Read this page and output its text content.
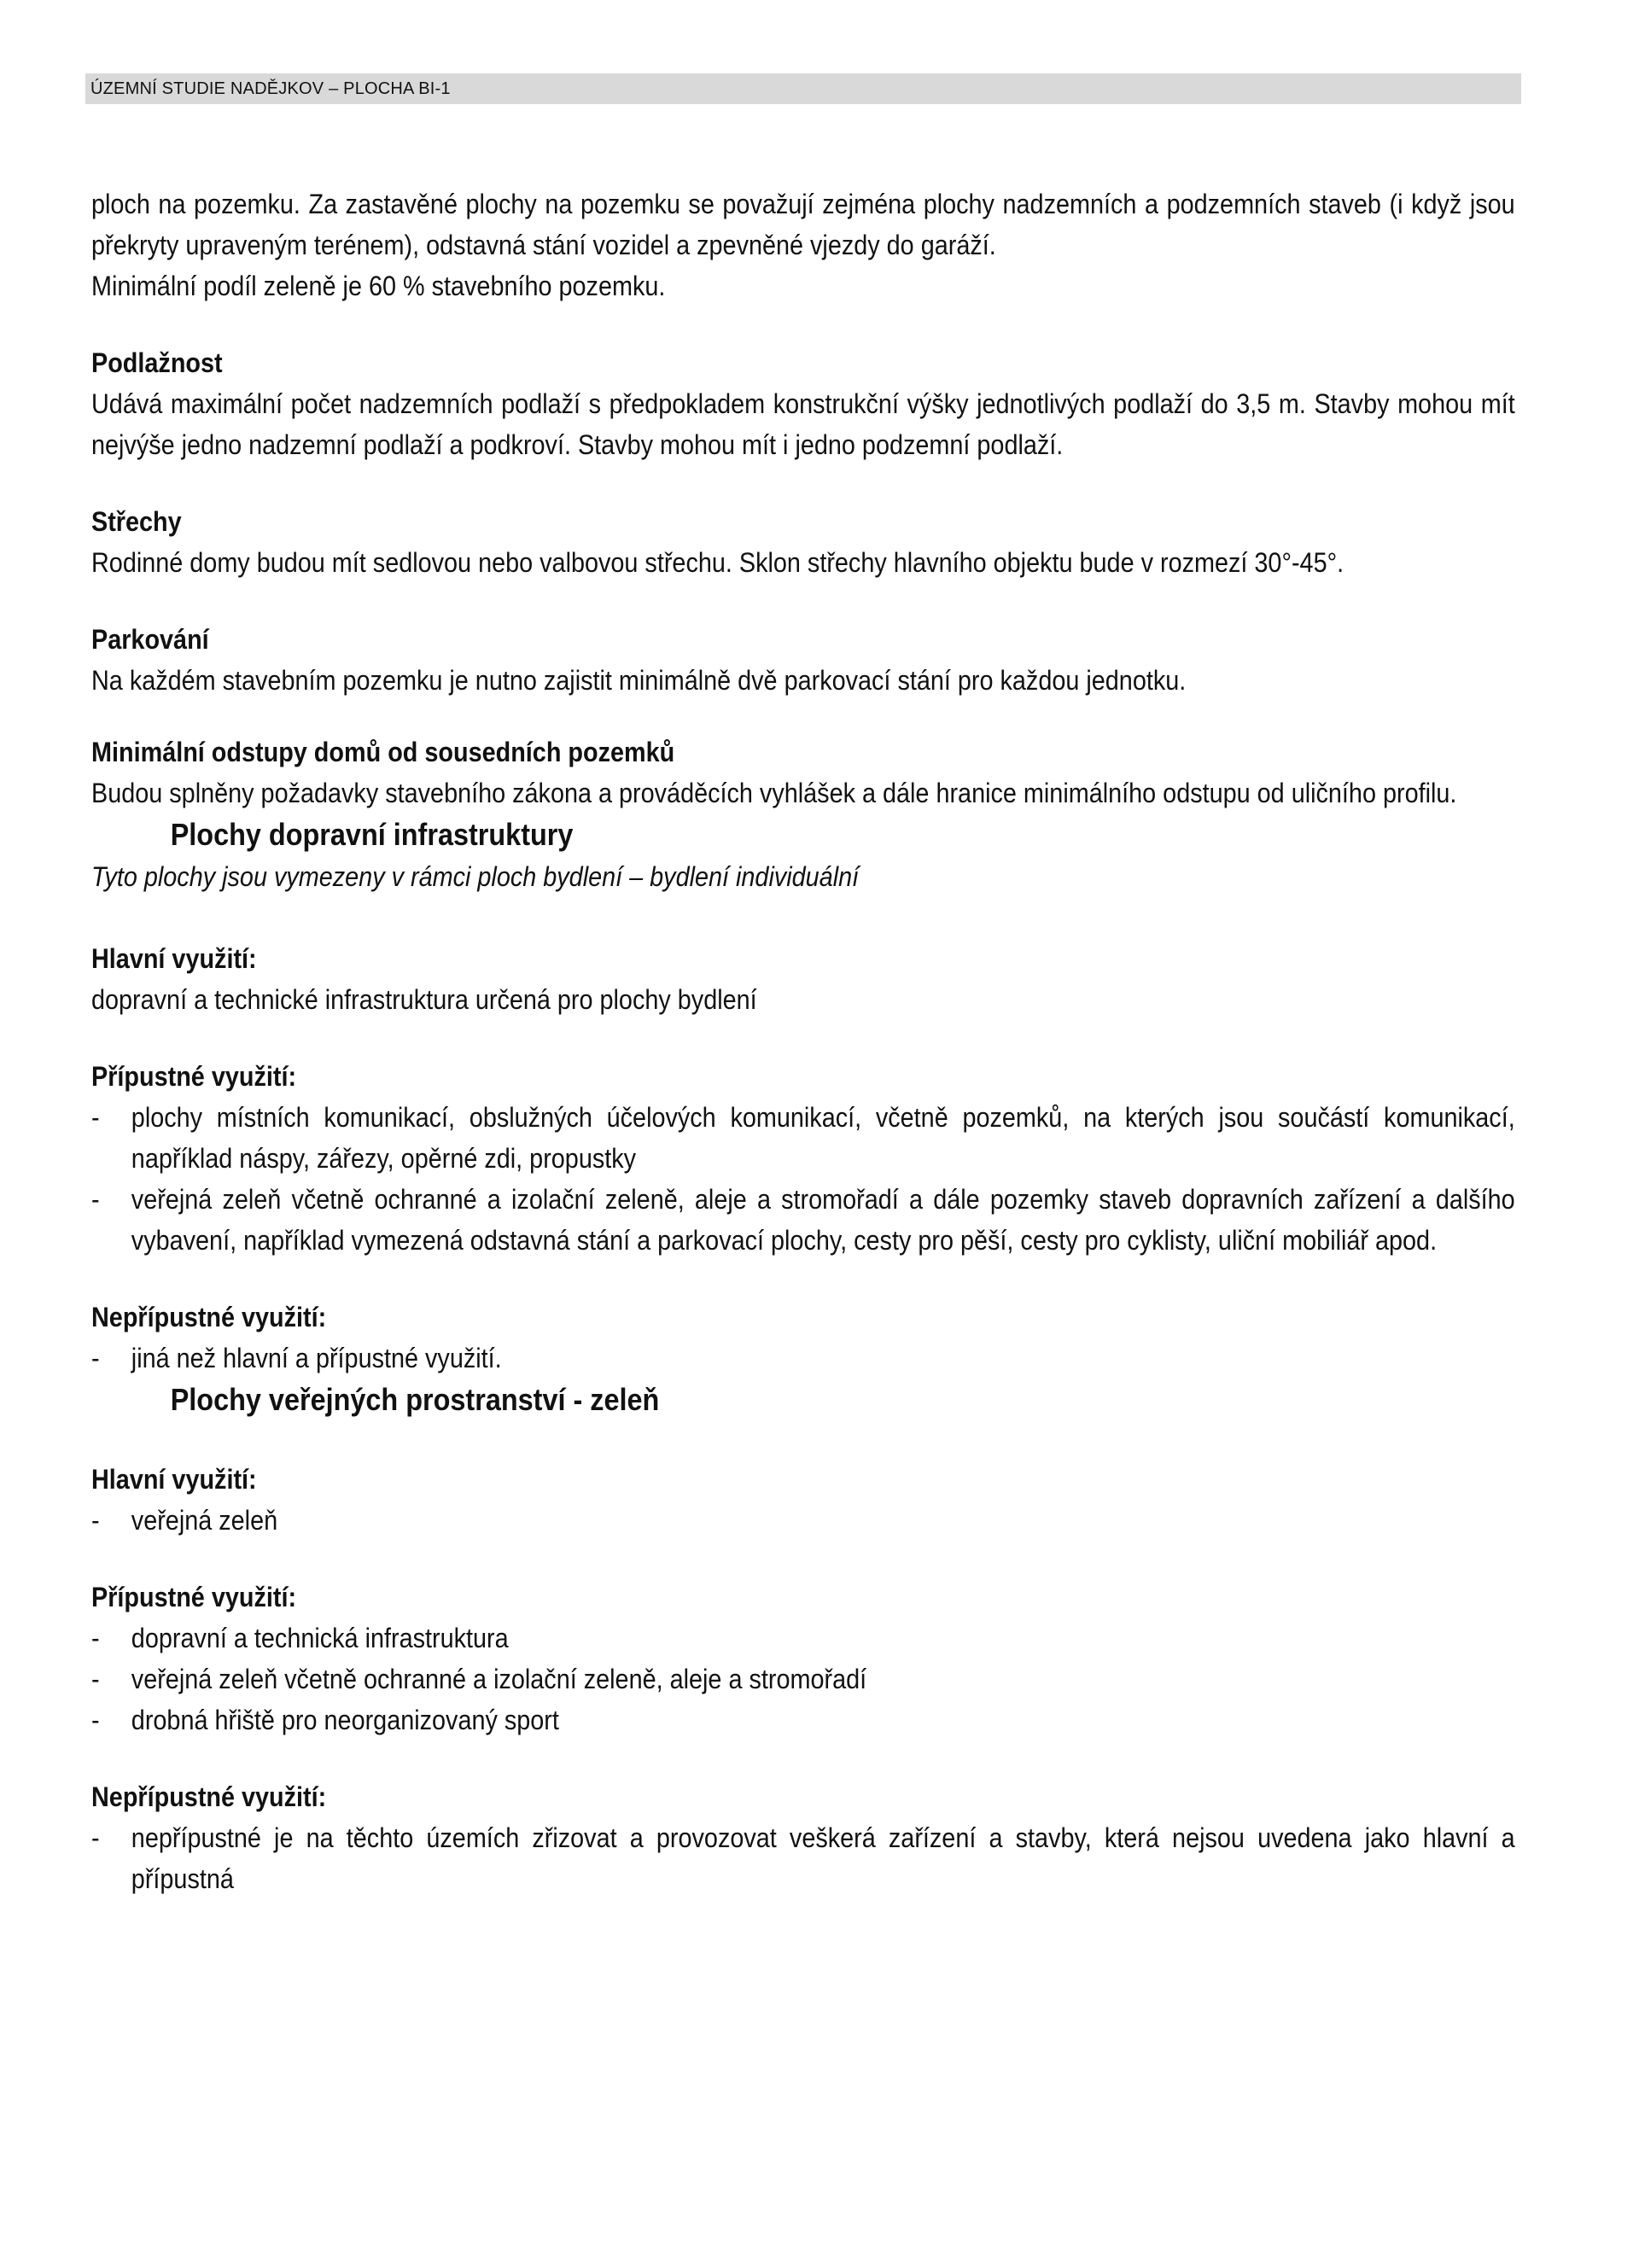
ÚZEMNÍ STUDIE NADĚJKOV – PLOCHA BI-1

ploch na pozemku. Za zastavěné plochy na pozemku se považují zejména plochy nadzemních a podzemních staveb (i když jsou překryty upraveným terénem), odstavná stání vozidel a zpevněné vjezdy do garáží.

Minimální podíl zeleně je 60 % stavebního pozemku.

Podlažnost

Udává maximální počet nadzemních podlaží s předpokladem konstrukční výšky jednotlivých podlaží do 3,5 m. Stavby mohou mít nejvýše jedno nadzemní podlaží a podkroví. Stavby mohou mít i jedno podzemní podlaží.

Střechy

Rodinné domy budou mít sedlovou nebo valbovou střechu. Sklon střechy hlavního objektu bude v rozmezí 30°-45°.

Parkování

Na každém stavebním pozemku je nutno zajistit minimálně dvě parkovací stání pro každou jednotku.

Minimální odstupy domů od sousedních pozemků

Budou splněny požadavky stavebního zákona a prováděcích vyhlášek a dále hranice minimálního odstupu od uličního profilu.

Plochy dopravní infrastruktury

Tyto plochy jsou vymezeny v rámci ploch bydlení – bydlení individuální

Hlavní využití:

dopravní a technické infrastruktura určená pro plochy bydlení

Přípustné využití:

- plochy místních komunikací, obslužných účelových komunikací, včetně pozemků, na kterých jsou součástí komunikací, například náspy, zářezy, opěrné zdi, propustky
- veřejná zeleň včetně ochranné a izolační zeleně, aleje a stromořadí a dále pozemky staveb dopravních zařízení a dalšího vybavení, například vymezená odstavná stání a parkovací plochy, cesty pro pěší, cesty pro cyklisty, uliční mobiliář apod.

Nepřípustné využití:

- jiná než hlavní a přípustné využití.

Plochy veřejných prostranství - zeleň

Hlavní využití:

- veřejná zeleň

Přípustné využití:

- dopravní a technická infrastruktura
- veřejná zeleň včetně ochranné a izolační zeleně, aleje a stromořadí
- drobná hřiště pro neorganizovaný sport

Nepřípustné využití:

- nepřípustné je na těchto územích zřizovat a provozovat veškerá zařízení a stavby, která nejsou uvedena jako hlavní a přípustná
